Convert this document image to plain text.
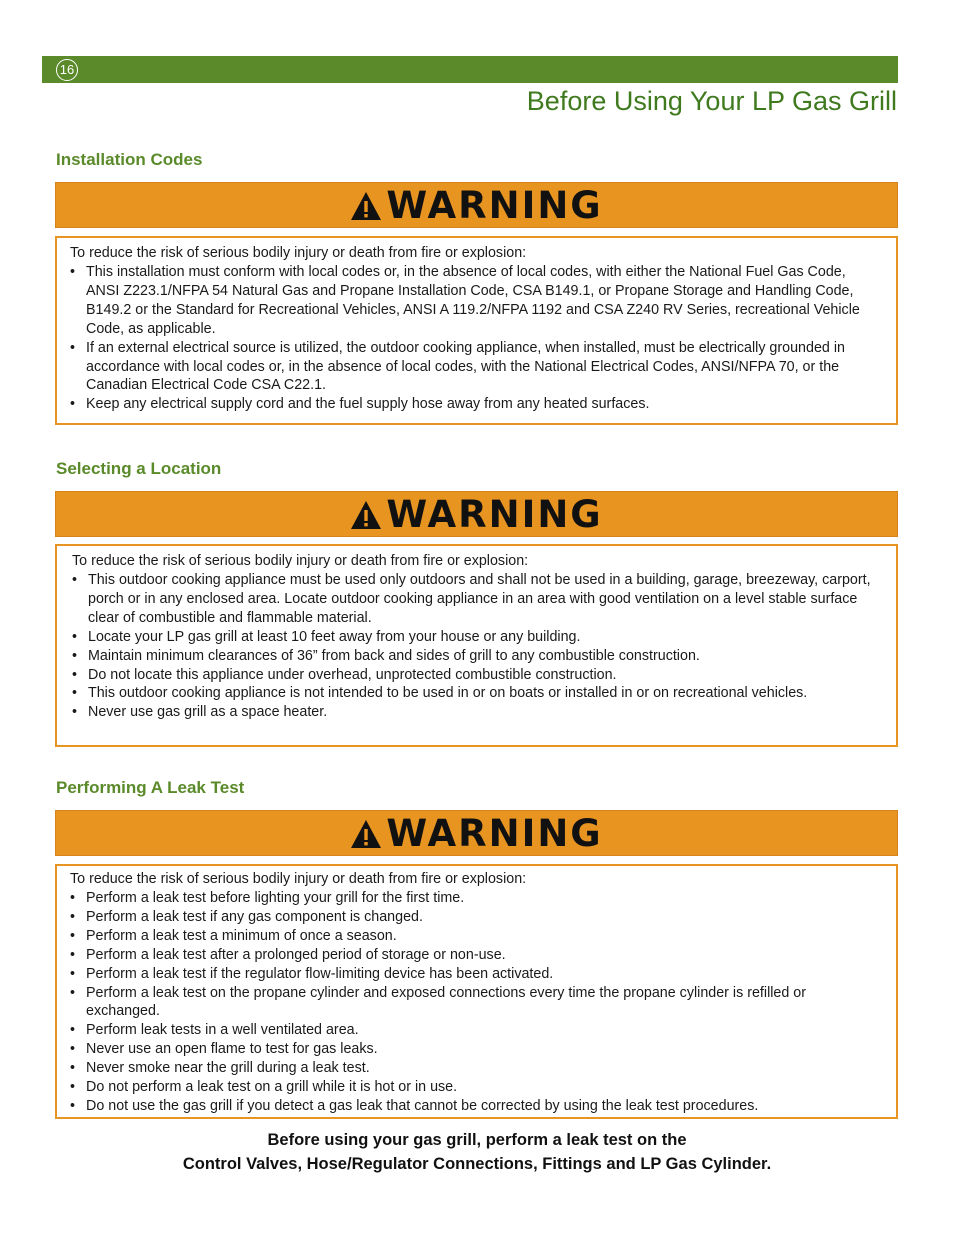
16
Before Using Your LP Gas Grill
Installation Codes
WARNING
To reduce the risk of serious bodily injury or death from fire or explosion:
• This installation must conform with local codes or, in the absence of local codes, with either the National Fuel Gas Code, ANSI Z223.1/NFPA 54 Natural Gas and Propane Installation Code, CSA B149.1, or Propane Storage and Handling Code, B149.2 or the Standard for Recreational Vehicles, ANSI A 119.2/NFPA 1192 and CSA Z240 RV Series, recreational Vehicle Code, as applicable.
• If an external electrical source is utilized, the outdoor cooking appliance, when installed, must be electrically grounded in accordance with local codes or, in the absence of local codes, with the National Electrical Codes, ANSI/NFPA 70, or the Canadian Electrical Code CSA C22.1.
• Keep any electrical supply cord and the fuel supply hose away from any heated surfaces.
Selecting a Location
WARNING
To reduce the risk of serious bodily injury or death from fire or explosion:
• This outdoor cooking appliance must be used only outdoors and shall not be used in a building, garage, breezeway, carport, porch or in any enclosed area. Locate outdoor cooking appliance in an area with good ventilation on a level stable surface clear of combustible and flammable material.
• Locate your LP gas grill at least 10 feet away from your house or any building.
• Maintain minimum clearances of 36” from back and sides of grill to any combustible construction.
• Do not locate this appliance under overhead, unprotected combustible construction.
• This outdoor cooking appliance is not intended to be used in or on boats or installed in or on recreational vehicles.
• Never use gas grill as a space heater.
Performing A Leak Test
WARNING
To reduce the risk of serious bodily injury or death from fire or explosion:
• Perform a leak test before lighting your grill for the first time.
• Perform a leak test if any gas component is changed.
• Perform a leak test a minimum of once a season.
• Perform a leak test after a prolonged period of storage or non-use.
• Perform a leak test if the regulator flow-limiting device has been activated.
• Perform a leak test on the propane cylinder and exposed connections every time the propane cylinder is refilled or exchanged.
• Perform leak tests in a well ventilated area.
• Never use an open flame to test for gas leaks.
• Never smoke near the grill during a leak test.
• Do not perform a leak test on a grill while it is hot or in use.
• Do not use the gas grill if you detect a gas leak that cannot be corrected by using the leak test procedures.
Before using your gas grill, perform a leak test on the
Control Valves, Hose/Regulator Connections, Fittings and LP Gas Cylinder.
